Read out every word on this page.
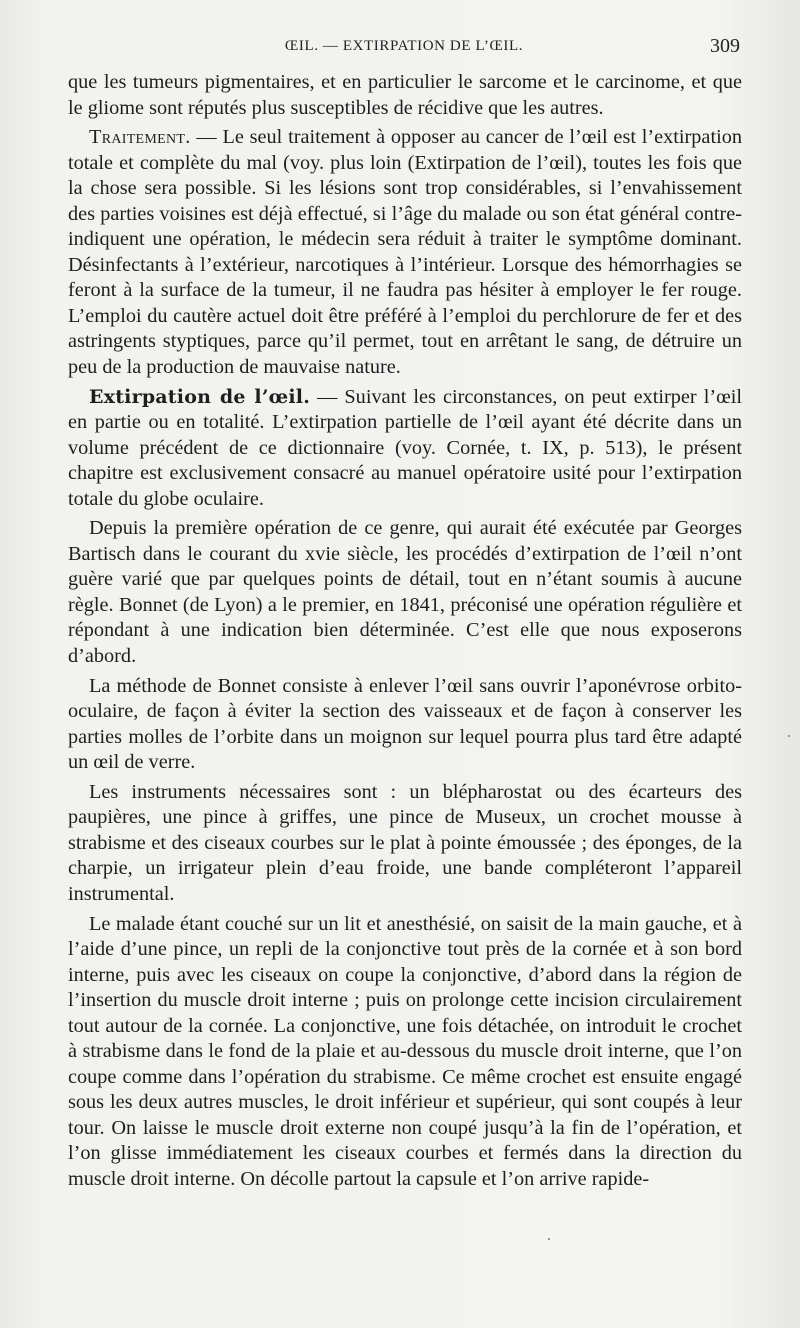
ŒIL. — EXTIRPATION DE L’ŒIL.	309

que les tumeurs pigmentaires, et en particulier le sarcome et le carcinome, et que le gliome sont réputés plus susceptibles de récidive que les autres.

Traitement. — Le seul traitement à opposer au cancer de l’œil est l’extirpation totale et complète du mal (voy. plus loin (Extirpation de l’œil), toutes les fois que la chose sera possible. Si les lésions sont trop considérables, si l’envahissement des parties voisines est déjà effectué, si l’âge du malade ou son état général contre-indiquent une opération, le médecin sera réduit à traiter le symptôme dominant. Désinfectants à l’extérieur, narcotiques à l’intérieur. Lorsque des hémorrhagies se feront à la surface de la tumeur, il ne faudra pas hésiter à employer le fer rouge. L’emploi du cautère actuel doit être préféré à l’emploi du perchlorure de fer et des astringents styptiques, parce qu’il permet, tout en arrêtant le sang, de détruire un peu de la production de mauvaise nature.

Extirpation de l’œil. — Suivant les circonstances, on peut extirper l’œil en partie ou en totalité. L’extirpation partielle de l’œil ayant été décrite dans un volume précédent de ce dictionnaire (voy. Cornée, t. IX, p. 513), le présent chapitre est exclusivement consacré au manuel opératoire usité pour l’extirpation totale du globe oculaire.

Depuis la première opération de ce genre, qui aurait été exécutée par Georges Bartisch dans le courant du xvie siècle, les procédés d’extirpation de l’œil n’ont guère varié que par quelques points de détail, tout en n’étant soumis à aucune règle. Bonnet (de Lyon) a le premier, en 1841, préconisé une opération régulière et répondant à une indication bien déterminée. C’est elle que nous exposerons d’abord.

La méthode de Bonnet consiste à enlever l’œil sans ouvrir l’aponévrose orbito-oculaire, de façon à éviter la section des vaisseaux et de façon à conserver les parties molles de l’orbite dans un moignon sur lequel pourra plus tard être adapté un œil de verre.

Les instruments nécessaires sont : un blépharostat ou des écarteurs des paupières, une pince à griffes, une pince de Museux, un crochet mousse à strabisme et des ciseaux courbes sur le plat à pointe émoussée ; des éponges, de la charpie, un irrigateur plein d’eau froide, une bande compléteront l’appareil instrumental.

Le malade étant couché sur un lit et anesthésié, on saisit de la main gauche, et à l’aide d’une pince, un repli de la conjonctive tout près de la cornée et à son bord interne, puis avec les ciseaux on coupe la conjonctive, d’abord dans la région de l’insertion du muscle droit interne ; puis on prolonge cette incision circulairement tout autour de la cornée. La conjonctive, une fois détachée, on introduit le crochet à strabisme dans le fond de la plaie et au-dessous du muscle droit interne, que l’on coupe comme dans l’opération du strabisme. Ce même crochet est ensuite engagé sous les deux autres muscles, le droit inférieur et supérieur, qui sont coupés à leur tour. On laisse le muscle droit externe non coupé jusqu’à la fin de l’opération, et l’on glisse immédiatement les ciseaux courbes et fermés dans la direction du muscle droit interne. On décolle partout la capsule et l’on arrive rapide-
